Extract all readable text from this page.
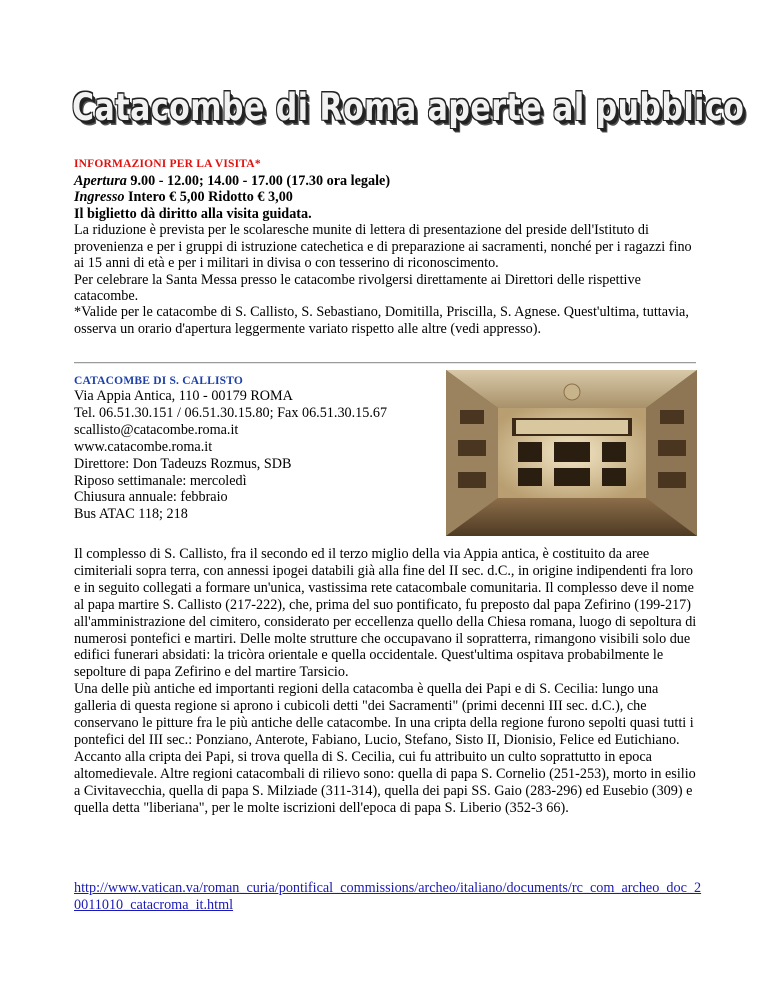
Catacombe di Roma aperte al pubblico
INFORMAZIONI PER LA VISITA*
Apertura 9.00 - 12.00; 14.00 - 17.00 (17.30 ora legale)
Ingresso Intero € 5,00 Ridotto € 3,00
Il biglietto dà diritto alla visita guidata.
La riduzione è prevista per le scolaresche munite di lettera di presentazione del preside dell'Istituto di provenienza e per i gruppi di istruzione catechetica e di preparazione ai sacramenti, nonché per i ragazzi fino ai 15 anni di età e per i militari in divisa o con tesserino di riconoscimento.
Per celebrare la Santa Messa presso le catacombe rivolgersi direttamente ai Direttori delle rispettive catacombe.
*Valide per le catacombe di S. Callisto, S. Sebastiano, Domitilla, Priscilla, S. Agnese. Quest'ultima, tuttavia, osserva un orario d'apertura leggermente variato rispetto alle altre (vedi appresso).
CATACOMBE DI S. CALLISTO
Via Appia Antica, 110 - 00179 ROMA
Tel. 06.51.30.151 / 06.51.30.15.80; Fax 06.51.30.15.67
scallisto@catacombe.roma.it
www.catacombe.roma.it
Direttore: Don Tadeuzs Rozmus, SDB
Riposo settimanale: mercoledì
Chiusura annuale: febbraio
Bus ATAC 118; 218
Il complesso di S. Callisto, fra il secondo ed il terzo miglio della via Appia antica, è costituito da aree cimiteriali sopra terra, con annessi ipogei databili già alla fine del II sec. d.C., in origine indipendenti fra loro e in seguito collegati a formare un'unica, vastissima rete catacombale comunitaria. Il complesso deve il nome al papa martire S. Callisto (217-222), che, prima del suo pontificato, fu preposto dal papa Zefirino (199-217) all'amministrazione del cimitero, considerato per eccellenza quello della Chiesa romana, luogo di sepoltura di numerosi pontefici e martiri. Delle molte strutture che occupavano il sopratterra, rimangono visibili solo due edifici funerari absidati: la tricòra orientale e quella occidentale. Quest'ultima ospitava probabilmente le sepolture di papa Zefirino e del martire Tarsicio.
Una delle più antiche ed importanti regioni della catacomba è quella dei Papi e di S. Cecilia: lungo una galleria di questa regione si aprono i cubicoli detti "dei Sacramenti" (primi decenni III sec. d.C.), che conservano le pitture fra le più antiche delle catacombe. In una cripta della regione furono sepolti quasi tutti i pontefici del III sec.: Ponziano, Anterote, Fabiano, Lucio, Stefano, Sisto II, Dionisio, Felice ed Eutichiano. Accanto alla cripta dei Papi, si trova quella di S. Cecilia, cui fu attribuito un culto soprattutto in epoca altomedievale. Altre regioni catacombali di rilievo sono: quella di papa S. Cornelio (251-253), morto in esilio a Civitavecchia, quella di papa S. Milziade (311-314), quella dei papi SS. Gaio (283-296) ed Eusebio (309) e quella detta "liberiana", per le molte iscrizioni dell'epoca di papa S. Liberio (352-3 66).
http://www.vatican.va/roman_curia/pontifical_commissions/archeo/italiano/documents/rc_com_archeo_doc_20011010_catacroma_it.html
